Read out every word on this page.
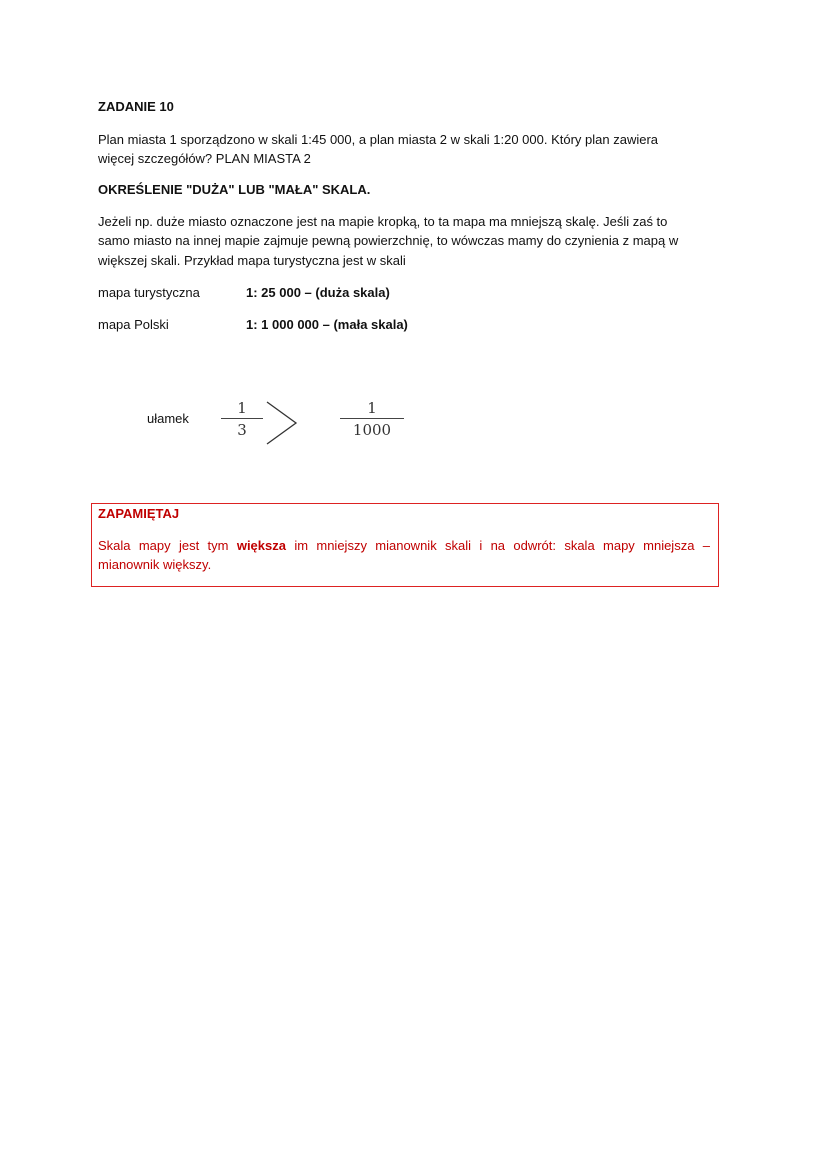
ZADANIE 10
Plan miasta 1 sporządzono w skali 1:45 000, a plan miasta 2 w skali 1:20 000. Który plan zawiera
więcej szczegółów? PLAN MIASTA 2
OKREŚLENIE "DUŻA" LUB "MAŁA" SKALA.
Jeżeli np. duże miasto oznaczone jest na mapie kropką, to ta mapa ma mniejszą skalę. Jeśli zaś to
samo miasto na innej mapie zajmuje pewną powierzchnię, to wówczas mamy do czynienia z mapą w
większej skali. Przykład mapa turystyczna jest w skali
mapa turystyczna	1: 25 000 – (duża skala)
mapa Polski	1: 1 000 000 – (mała skala)
ułamek
1
3
1
1000
ZAPAMIĘTAJ
Skala mapy jest tym większa im mniejszy mianownik skali i na odwrót: skala mapy mniejsza –
mianownik większy.
